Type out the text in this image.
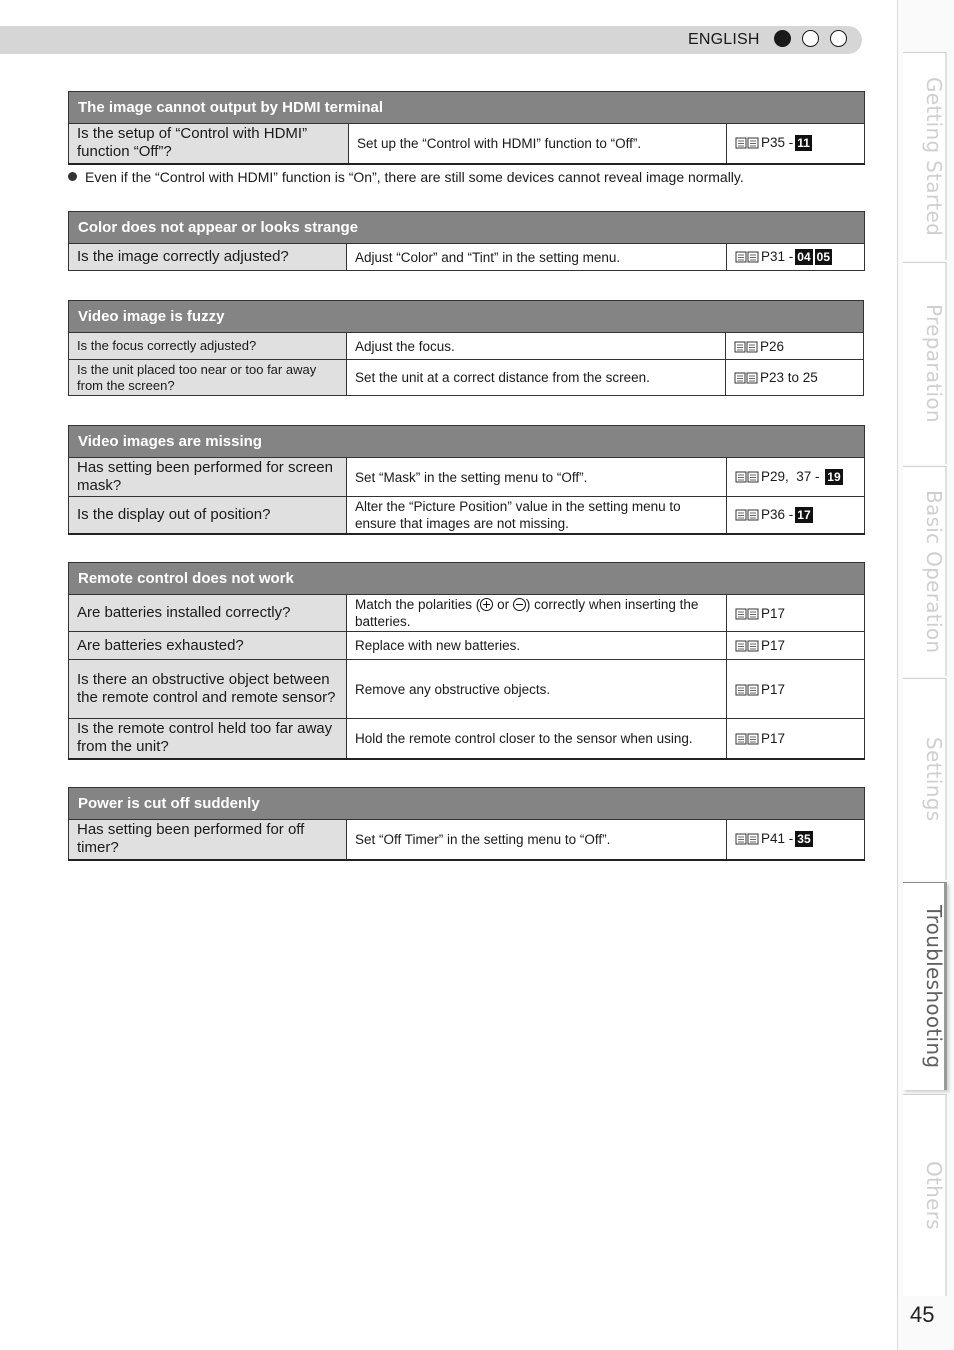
ENGLISH
The image cannot output by HDMI terminal
Is the setup of “Control with HDMI” function “Off”?	Set up the “Control with HDMI” function to “Off”.	P35 -11
Even if the “Control with HDMI” function is “On”, there are still some devices cannot reveal image normally.
Color does not appear or looks strange
Is the image correctly adjusted?	Adjust “Color” and “Tint” in the setting menu.	P31 -04 05
Video image is fuzzy		
Is the focus correctly adjusted?	Adjust the focus.	P26
Is the unit placed too near or too far away from the screen?	Set the unit at a correct distance from the screen.	P23 to 25
Video images are missing		
Has setting been performed for screen mask?	Set “Mask” in the setting menu to “Off”.	P29,  37 - 19
Is the display out of position?	Alter the “Picture Position” value in the setting menu to ensure that images are not missing.	P36 -17
Remote control does not work		
Are batteries installed correctly?	Match the polarities ( or ) correctly when inserting the batteries.	P17
Are batteries exhausted?	Replace with new batteries.	P17
Is there an obstructive object between the remote control and remote sensor?	Remove any obstructive objects.	P17
Is the remote control held too far away from the unit?	Hold the remote control closer to the sensor when using.	P17
Power is cut off suddenly
Has setting been performed for off timer?	Set “Off Timer” in the setting menu to “Off”.	P41 -35
Getting Started
Preparation
Basic Operation
Settings
Troubleshooting
Others
45
